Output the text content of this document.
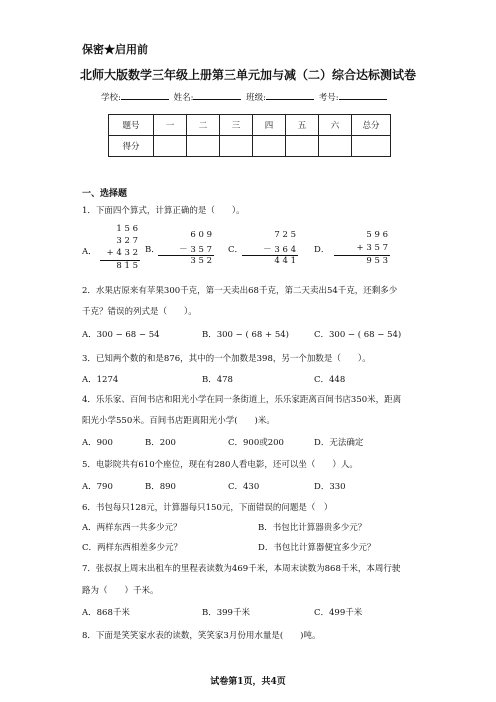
保密★启用前
北师大版数学三年级上册第三单元加与减（二）综合达标测试卷
学校:	姓名:	班级:	考号:
题号	一	二	三	四	五	六	总分
得分							
一、选择题
1．下面四个算式，计算正确的是（　　）。
A．
1 5 6
3 2 7
+ 4 3 2
8 1 5
B．
6 0 9
－ 3 5 7
3 5 2
C．
7 2 5
－ 3 6 4
4 4 1
D．
5 9 6
+ 3 5 7
9 5 3
2．水果店原来有苹果300千克，第一天卖出68千克，第二天卖出54千克，还剩多少
千克？错误的列式是（　　）。
A．300 − 68 − 54	B．300 − ( 68 + 54)	C．300 − ( 68 − 54)
3．已知两个数的和是876，其中的一个加数是398，另一个加数是（　　）。
A．1274	B．478	C．448
4．乐乐家、百间书店和阳光小学在同一条街道上，乐乐家距离百间书店350米，距离
阳光小学550米。百间书店距离阳光小学(　　)米。
A．900	B．200	C．900或200	D．无法确定
5．电影院共有610个座位，现在有280人看电影，还可以坐（　　）人。
A．790	B．890	C．430	D．330
6．书包每只128元，计算器每只150元，下面错误的问题是（　）
A．两样东西一共多少元？	B．书包比计算器贵多少元？
C．两样东西相差多少元？	D．书包比计算器便宜多少元？
7．张叔叔上周末出租车的里程表读数为469千米，本周末读数为868千米，本周行驶
路为（　　）千米。
A．868千米	B．399千米	C．499千米
8．下面是笑笑家水表的读数，笑笑家3月份用水量是(　　)吨。
试卷第1页，共4页
